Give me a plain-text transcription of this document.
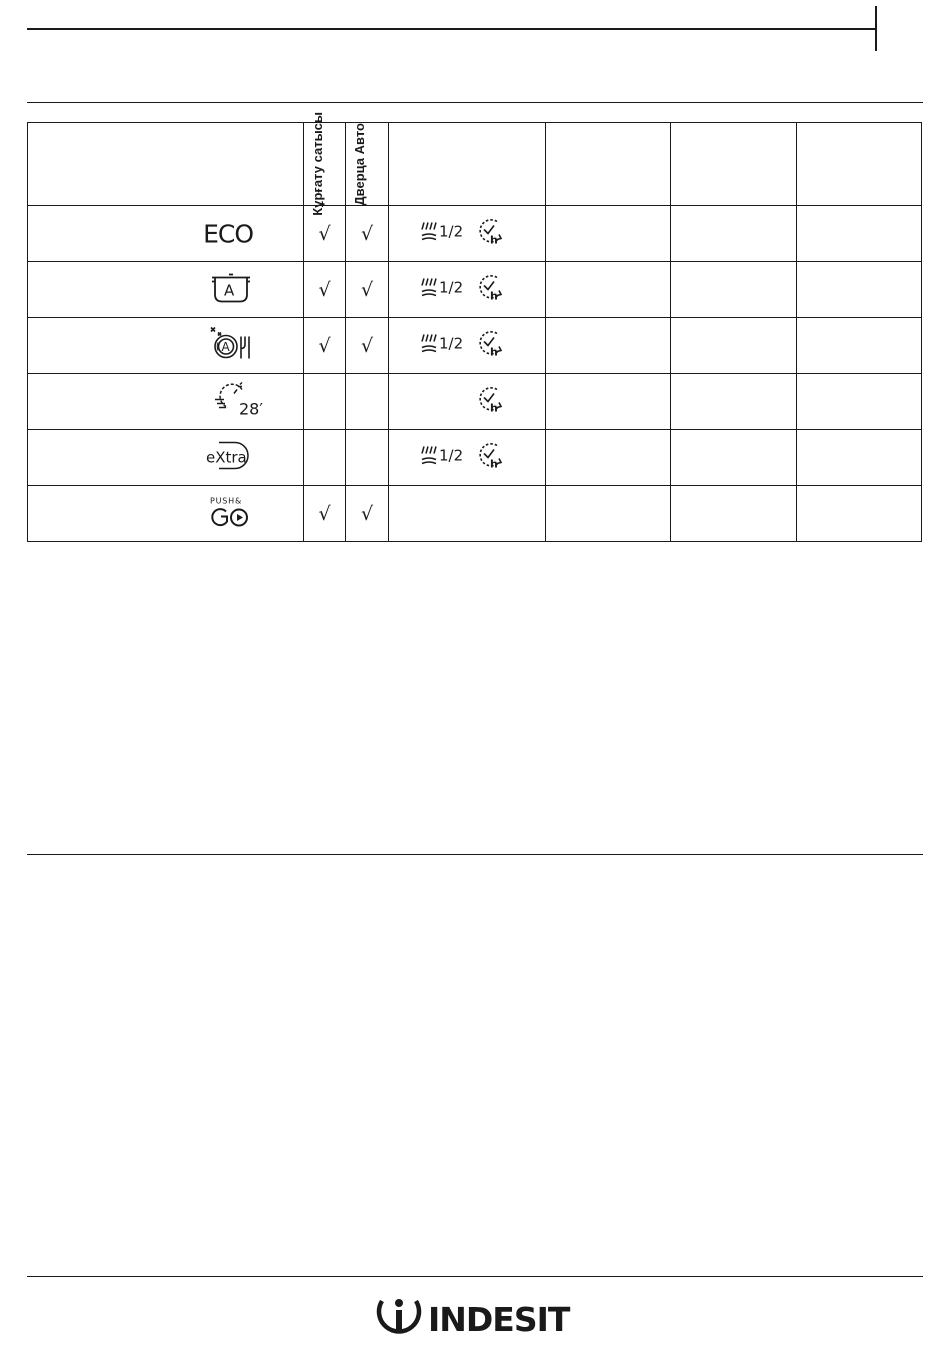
	Кұрғату сатысы	Дверца Авто				

ECO	√	√	1/2 h			

A	√	√	1/2 h			

A	√	√	1/2 h			

28′			h			

eXtra			1/2 h			

PUSH&	√	√				
INDESIT
